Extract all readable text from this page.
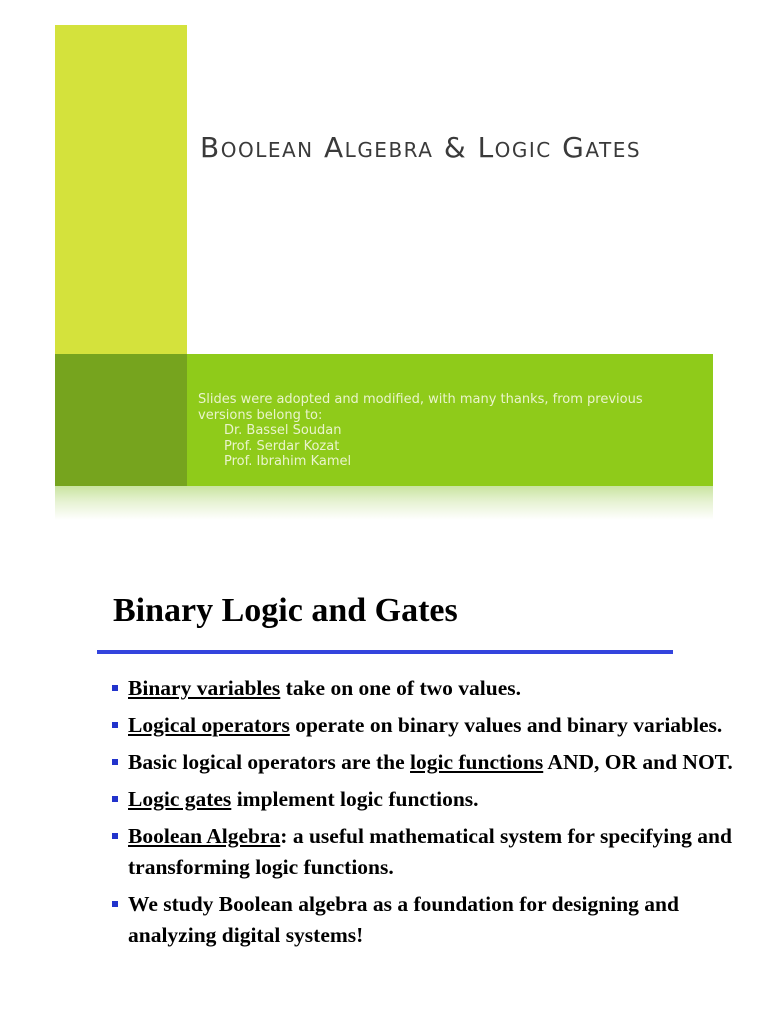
Boolean Algebra & Logic Gates
Slides were adopted and modified, with many thanks, from previous versions belong to:
Dr. Bassel Soudan
Prof. Serdar Kozat
Prof. Ibrahim Kamel
Binary Logic and Gates
Binary variables take on one of two values.
Logical operators operate on binary values and binary variables.
Basic logical operators are the logic functions AND, OR and NOT.
Logic gates implement logic functions.
Boolean Algebra: a useful mathematical system for specifying and transforming logic functions.
We study Boolean algebra as a foundation for designing and analyzing digital systems!
